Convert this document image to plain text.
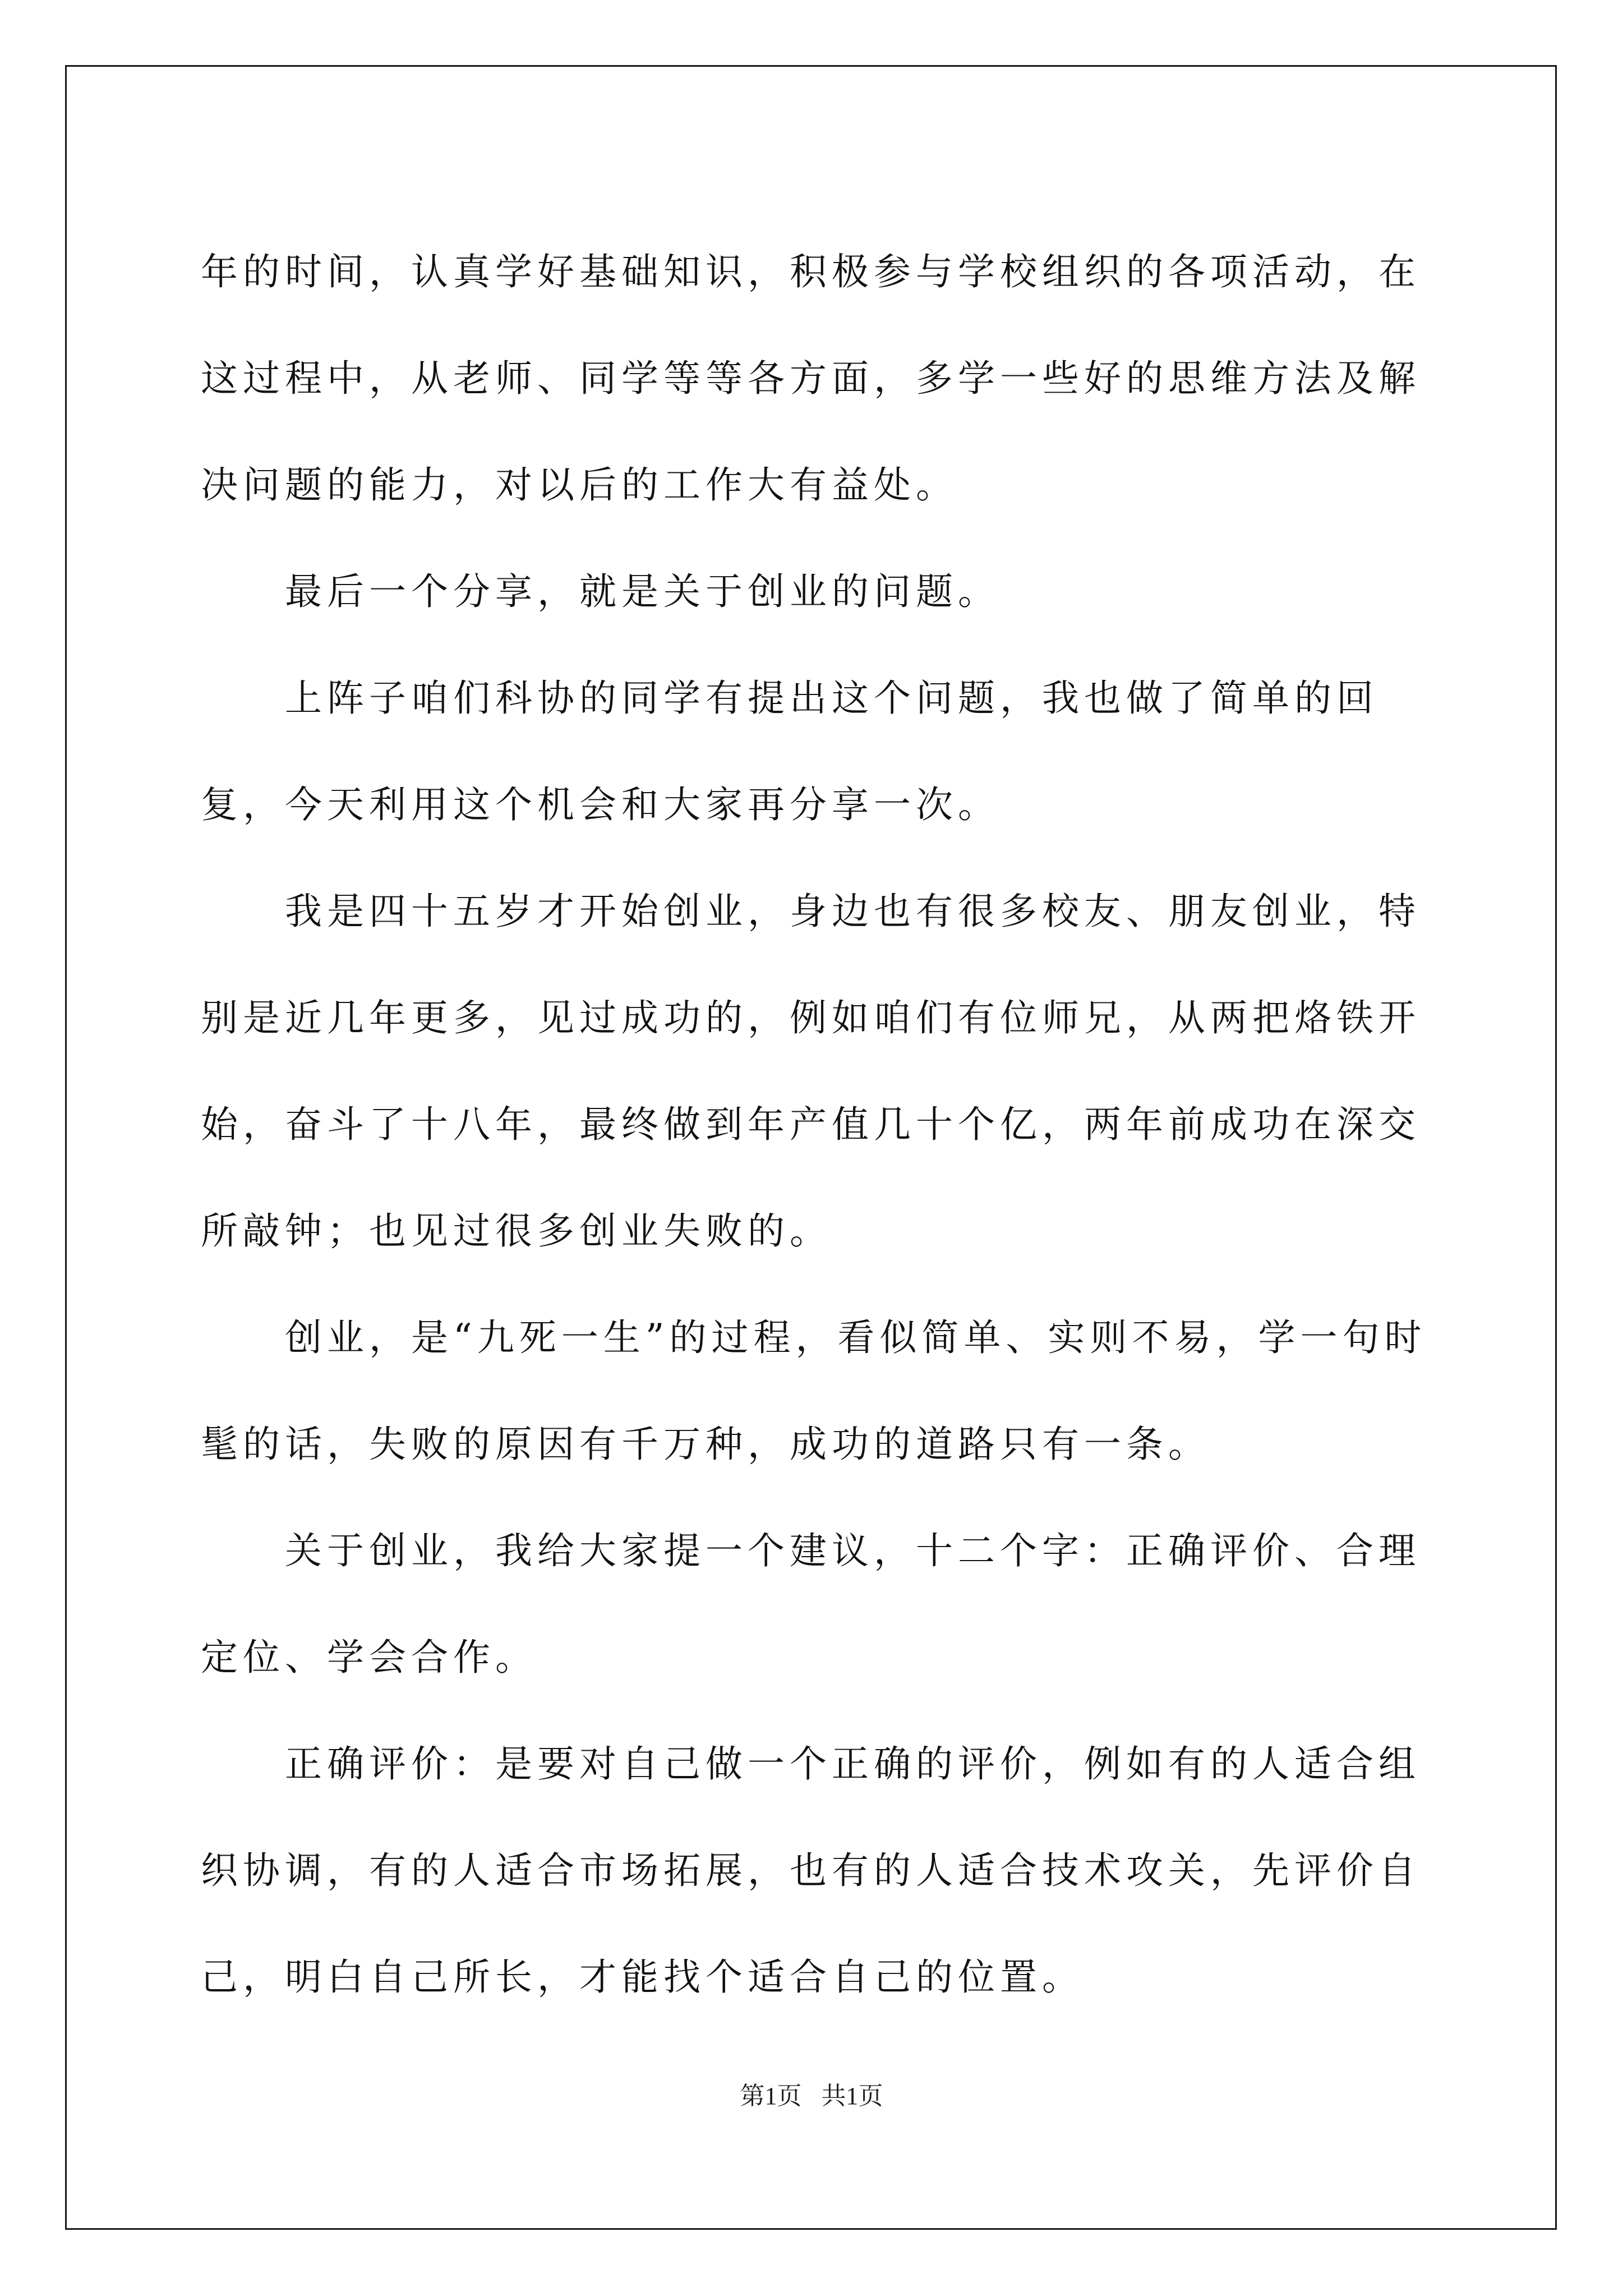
年的时间，认真学好基础知识，积极参与学校组织的各项活动，在这过程中，从老师、同学等等各方面，多学一些好的思维方法及解决问题的能力，对以后的工作大有益处。

最后一个分享，就是关于创业的问题。

上阵子咱们科协的同学有提出这个问题，我也做了简单的回复，今天利用这个机会和大家再分享一次。

我是四十五岁才开始创业，身边也有很多校友、朋友创业，特别是近几年更多，见过成功的，例如咱们有位师兄，从两把烙铁开始，奋斗了十八年，最终做到年产值几十个亿，两年前成功在深交所敲钟；也见过很多创业失败的。

创业，是“九死一生”的过程，看似简单、实则不易，学一句时髦的话，失败的原因有千万种，成功的道路只有一条。

关于创业，我给大家提一个建议，十二个字：正确评价、合理定位、学会合作。

正确评价：是要对自己做一个正确的评价，例如有的人适合组织协调，有的人适合市场拓展，也有的人适合技术攻关，先评价自己，明白自己所长，才能找个适合自己的位置。

第1页 共1页
